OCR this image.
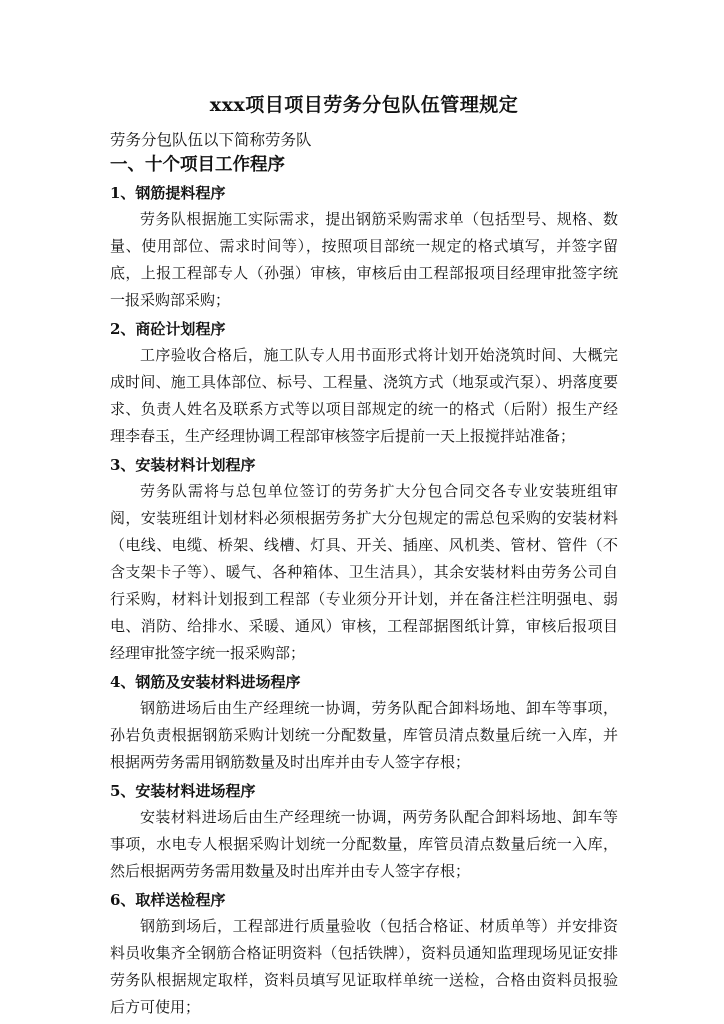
xxx项目项目劳务分包队伍管理规定

劳务分包队伍以下简称劳务队

一、十个项目工作程序
1、钢筋提料程序

劳务队根据施工实际需求，提出钢筋采购需求单（包括型号、规格、数量、使用部位、需求时间等），按照项目部统一规定的格式填写，并签字留底，上报工程部专人（孙强）审核，审核后由工程部报项目经理审批签字统一报采购部采购；

2、商砼计划程序

工序验收合格后，施工队专人用书面形式将计划开始浇筑时间、大概完成时间、施工具体部位、标号、工程量、浇筑方式（地泵或汽泵）、坍落度要求、负责人姓名及联系方式等以项目部规定的统一的格式（后附）报生产经理李春玉，生产经理协调工程部审核签字后提前一天上报搅拌站准备；

3、安装材料计划程序

劳务队需将与总包单位签订的劳务扩大分包合同交各专业安装班组审阅，安装班组计划材料必须根据劳务扩大分包规定的需总包采购的安装材料（电线、电缆、桥架、线槽、灯具、开关、插座、风机类、管材、管件（不含支架卡子等）、暖气、各种箱体、卫生洁具），其余安装材料由劳务公司自行采购，材料计划报到工程部（专业须分开计划，并在备注栏注明强电、弱电、消防、给排水、采暖、通风）审核，工程部据图纸计算，审核后报项目经理审批签字统一报采购部；

4、钢筋及安装材料进场程序

钢筋进场后由生产经理统一协调，劳务队配合卸料场地、卸车等事项，孙岩负责根据钢筋采购计划统一分配数量，库管员清点数量后统一入库，并根据两劳务需用钢筋数量及时出库并由专人签字存根；

5、安装材料进场程序

安装材料进场后由生产经理统一协调，两劳务队配合卸料场地、卸车等事项，水电专人根据采购计划统一分配数量，库管员清点数量后统一入库，然后根据两劳务需用数量及时出库并由专人签字存根；

6、取样送检程序

钢筋到场后，工程部进行质量验收（包括合格证、材质单等）并安排资料员收集齐全钢筋合格证明资料（包括铁牌），资料员通知监理现场见证安排劳务队根据规定取样，资料员填写见证取样单统一送检，合格由资料员报验后方可使用；
